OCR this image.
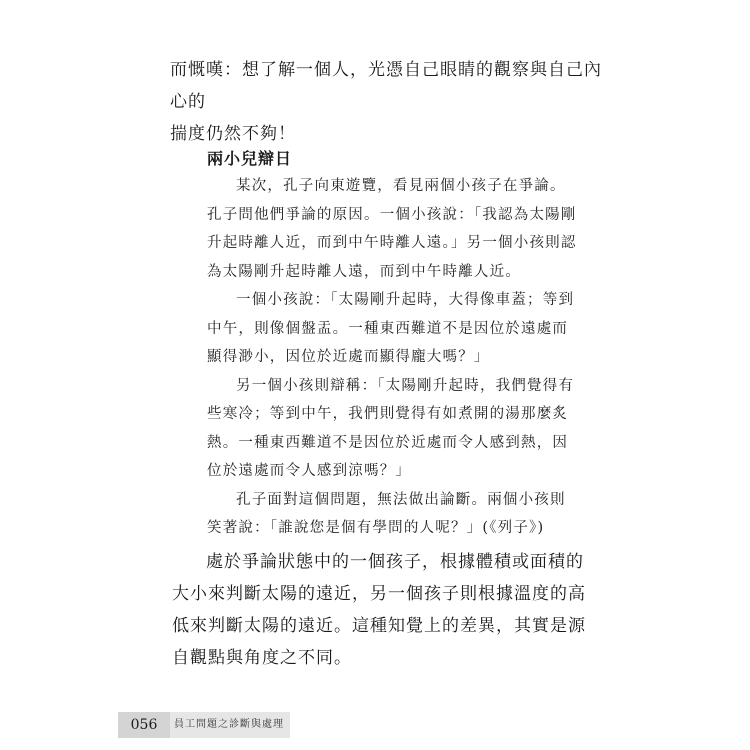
而慨嘆：想了解一個人，光憑自己眼睛的觀察與自己內心的

揣度仍然不夠！

兩小兒辯日

某次，孔子向東遊覽，看見兩個小孩子在爭論。孔子問他們爭論的原因。一個小孩說：「我認為太陽剛升起時離人近，而到中午時離人遠。」另一個小孩則認為太陽剛升起時離人遠，而到中午時離人近。

一個小孩說：「太陽剛升起時，大得像車蓋；等到中午，則像個盤盂。一種東西難道不是因位於遠處而顯得渺小，因位於近處而顯得龐大嗎？」

另一個小孩則辯稱：「太陽剛升起時，我們覺得有些寒冷；等到中午，我們則覺得有如煮開的湯那麼炙熱。一種東西難道不是因位於近處而令人感到熱，因位於遠處而令人感到涼嗎？」

孔子面對這個問題，無法做出論斷。兩個小孩則笑著說：「誰說您是個有學問的人呢？」(《列子》)

處於爭論狀態中的一個孩子，根據體積或面積的大小來判斷太陽的遠近，另一個孩子則根據溫度的高低來判斷太陽的遠近。這種知覺上的差異，其實是源自觀點與角度之不同。
056	員工問題之診斷與處理
